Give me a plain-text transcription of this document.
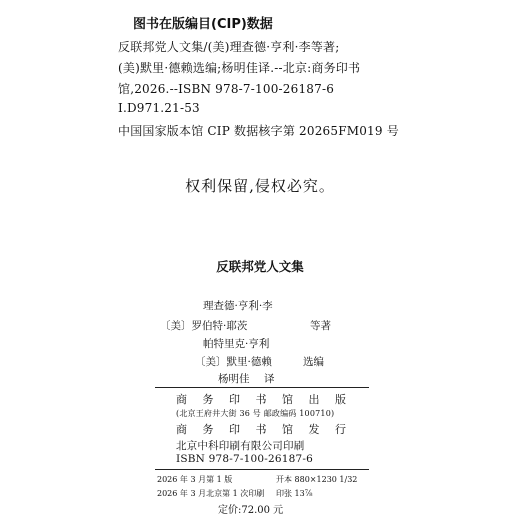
图书在版编目(CIP)数据
反联邦党人文集/(美)理查德·亨利·李等著;
(美)默里·德赖选编;杨明佳译.--北京:商务印书
馆,2026.--ISBN 978-7-100-26187-6
Ⅰ.D971.21-53
中国国家版本馆 CIP 数据核字第 20265FM019 号
权利保留,侵权必究。
反联邦党人文集
理查德·亨利·李
〔美〕罗伯特·耶茨	等著
帕特里克·亨利
〔美〕默里·德赖	选编
杨明佳 译
商 务 印 书 馆 出 版
(北京王府井大街 36 号 邮政编码 100710)
商 务 印 书 馆 发 行
北京中科印刷有限公司印刷
ISBN 978-7-100-26187-6
2026 年 3 月第 1 版	开本 880×1230 1/32
2026 年 3 月北京第 1 次印刷 印张 13⅞
定价:72.00 元
